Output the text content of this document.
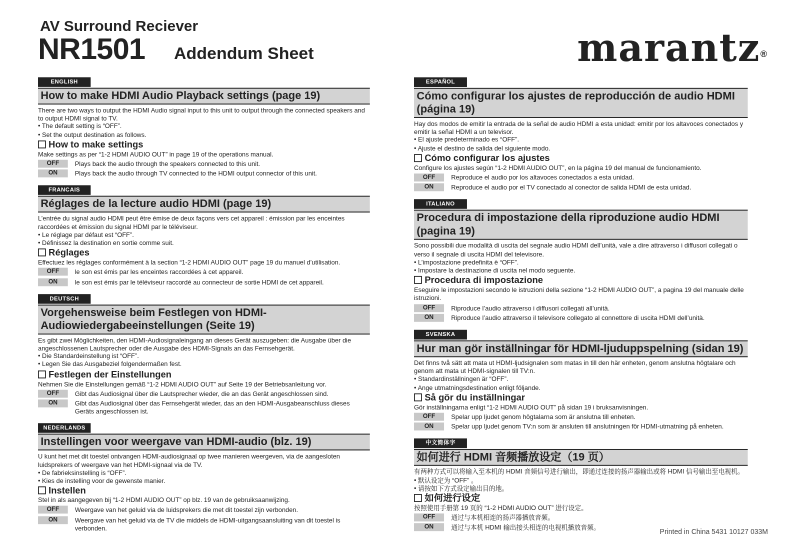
AV Surround Reciever
NR1501 Addendum Sheet	marantz®
ENGLISH
How to make HDMI Audio Playback settings (page 19)
There are two ways to output the HDMI Audio signal input to this unit to output through the connected speakers and to output HDMI signal to TV.
• The default setting is “OFF”.
• Set the output destination as follows.
How to make settings
Make settings as per “1-2 HDMI AUDIO OUT” in page 19 of the operations manual.
OFF	Plays back the audio through the speakers connected to this unit.
ON	Plays back the audio through TV connected to the HDMI output connector of this unit.
FRANCAIS
Réglages de la lecture audio HDMI (page 19)
L’entrée du signal audio HDMI peut être émise de deux façons vers cet appareil : émission par les enceintes raccordées et émission du signal HDMI par le téléviseur.
• Le réglage par défaut est “OFF”.
• Définissez la destination en sortie comme suit.
Réglages
Effectuez les réglages conformément à la section “1-2 HDMI AUDIO OUT” page 19 du manuel d’utilisation.
OFF	le son est émis par les enceintes raccordées à cet appareil.
ON	le son est émis par le téléviseur raccordé au connecteur de sortie HDMI de cet appareil.
DEUTSCH
Vorgehensweise beim Festlegen von HDMI-Audiowiedergabeeinstellungen (Seite 19)
Es gibt zwei Möglichkeiten, den HDMI-Audiosignaleingang an dieses Gerät auszugeben: die Ausgabe über die angeschlossenen Lautsprecher oder die Ausgabe des HDMI-Signals an das Fernsehgerät.
• Die Standardeinstellung ist “OFF”.
• Legen Sie das Ausgabeziel folgendermaßen fest.
Festlegen der Einstellungen
Nehmen Sie die Einstellungen gemäß “1-2 HDMI AUDIO OUT” auf Seite 19 der Betriebsanleitung vor.
OFF	Gibt das Audiosignal über die Lautsprecher wieder, die an das Gerät angeschlossen sind.
ON	Gibt das Audiosignal über das Fernsehgerät wieder, das an den HDMI-Ausgabeanschluss dieses Geräts angeschlossen ist.
NEDERLANDS
Instellingen voor weergave van HDMI-audio (blz. 19)
U kunt het met dit toestel ontvangen HDMI-audiosignaal op twee manieren weergeven, via de aangesloten luidsprekers of weergave van het HDMI-signaal via de TV.
• De fabrieksinstelling is “OFF”.
• Kies de instelling voor de gewenste manier.
Instellen
Stel in als aangegeven bij “1-2 HDMI AUDIO OUT” op blz. 19 van de gebruiksaanwijzing.
OFF	Weergave van het geluid via de luidsprekers die met dit toestel zijn verbonden.
ON	Weergave van het geluid via de TV die middels de HDMI-uitgangsaansluiting van dit toestel is verbonden.
ESPAÑOL
Cómo configurar los ajustes de reproducción de audio HDMI (página 19)
Hay dos modos de emitir la entrada de la señal de audio HDMI a esta unidad: emitir por los altavoces conectados y emitir la señal HDMI a un televisor.
• El ajuste predeterminado es “OFF”.
• Ajuste el destino de salida del siguiente modo.
Cómo configurar los ajustes
Configure los ajustes según “1-2 HDMI AUDIO OUT”, en la página 19 del manual de funcionamiento.
OFF	Reproduce el audio por los altavoces conectados a esta unidad.
ON	Reproduce el audio por el TV conectado al conector de salida HDMI de esta unidad.
ITALIANO
Procedura di impostazione della riproduzione audio HDMI (pagina 19)
Sono possibili due modalità di uscita del segnale audio HDMI dell’unità, vale a dire attraverso i diffusori collegati o verso il segnale di uscita HDMI del televisore.
• L’impostazione predefinita è “OFF”.
• Impostare la destinazione di uscita nel modo seguente.
Procedura di impostazione
Eseguire le impostazioni secondo le istruzioni della sezione “1-2 HDMI AUDIO OUT”, a pagina 19 del manuale delle istruzioni.
OFF	Riproduce l’audio attraverso i diffusori collegati all’unità.
ON	Riproduce l’audio attraverso il televisore collegato al connettore di uscita HDMI dell’unità.
SVENSKA
Hur man gör inställningar för HDMI-ljuduppspelning (sidan 19)
Det finns två sätt att mata ut HDMI-ljudsignalen som matas in till den här enheten, genom anslutna högtalare och genom att mata ut HDMI-signalen till TV:n.
• Standardinställningen är “OFF”.
• Ange utmatningsdestination enligt följande.
Så gör du inställningar
Gör inställningarna enligt “1-2 HDMI AUDIO OUT” på sidan 19 i bruksanvisningen.
OFF	Spelar upp ljudet genom högtalarna som är anslutna till enheten.
ON	Spelar upp ljudet genom TV:n som är ansluten till anslutningen för HDMI-utmatning på enheten.
中文简体字
如何进行 HDMI 音频播放设定（19 页）
有两种方式可以将输入至本机的 HDMI 音频信号进行输出，即通过连接的扬声器输出或将 HDMI 信号输出至电视机。
• 默认设定为 “OFF” 。
• 请按如下方式设定输出目的地。
如何进行设定
按照使用手册第 19 页的 “1-2 HDMI AUDIO OUT” 进行设定。
OFF	通过与本机相连的扬声器播放音频。
ON	通过与本机 HDMI 输出接头相连的电视机播放音频。
Printed in China 5431 10127 033M
